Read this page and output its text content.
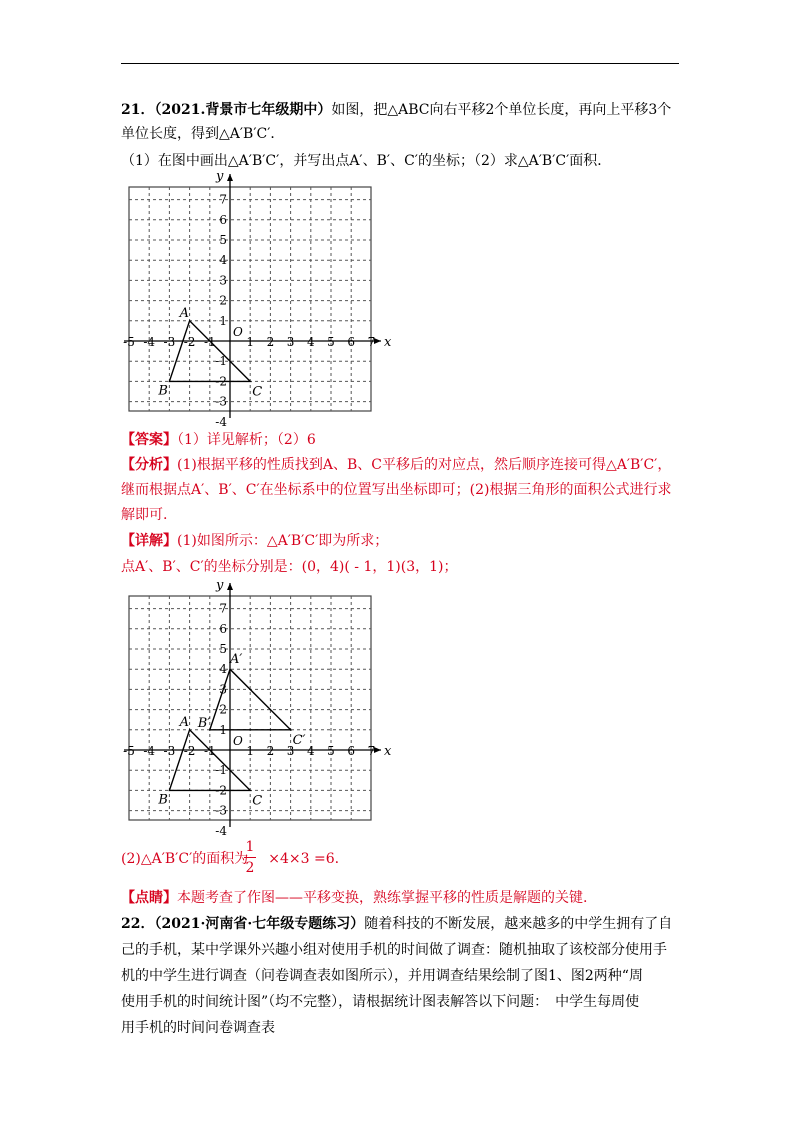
21．（2021.背景市七年级期中）如图，把△ABC向右平移2个单位长度，再向上平移3个
单位长度，得到△A′B′C′．
（1）在图中画出△A′B′C′，并写出点A′、B′、C′的坐标；（2）求△A′B′C′面积．
x
y
O
-5 -4 -3 -2 -1	1 2 3 4 5 6 7
7
6
5
4
3
2
1
-1
-2
-3
-4
A
B	C
【答案】（1）详见解析；（2）6
【分析】(1)根据平移的性质找到A、B、C平移后的对应点，然后顺序连接可得△A′B′C′，
继而根据点A′、B′、C′在坐标系中的位置写出坐标即可；(2)根据三角形的面积公式进行求
解即可.
【详解】(1)如图所示：△A′B′C′即为所求；
点A′、B′、C′的坐标分别是：(0，4)( - 1，1)(3，1)；
x
y
O
-5 -4 -3 -2 -1	1 2 3 4 5 6 7
7
6
5
4
3
2
1
-1
-2
-3
-4
A
B	C
A′
B′
C′
(2)△A′B′C′的面积为 ×4×3 =6.
1
2
【点睛】本题考查了作图——平移变换，熟练掌握平移的性质是解题的关键.
22．（2021·河南省·七年级专题练习）随着科技的不断发展，越来越多的中学生拥有了自
己的手机，某中学课外兴趣小组对使用手机的时间做了调查：随机抽取了该校部分使用手
机的中学生进行调查（问卷调查表如图所示），并用调查结果绘制了图1、图2两种“周
使用手机的时间统计图”（均不完整），请根据统计图表解答以下问题：　中学生每周使
用手机的时间问卷调查表
